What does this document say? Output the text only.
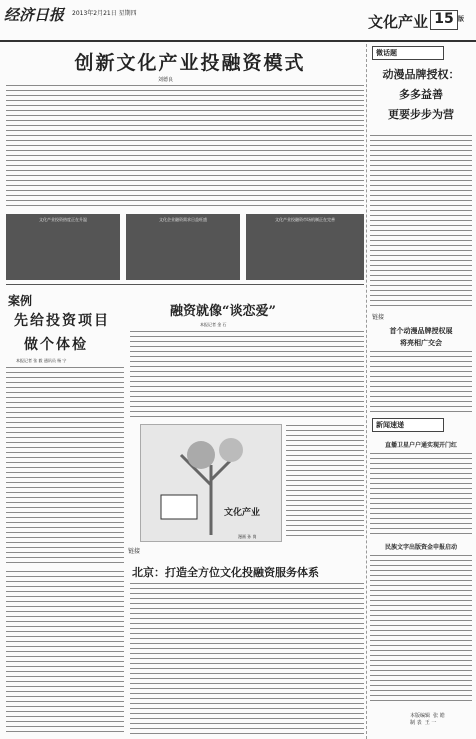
经济日报 2013年2月21日 星期四	文化产业 15 版
创新文化产业投融资模式
刘德良
文化产业投资热度正在升温	文化企业融资需求日益旺盛	文化产业投融资市场机制正在完善
案例
先给投资项目
做个体检
本报记者 张 毅 通讯员 杨 宁
融资就像“谈恋爱”
本报记者 金 石
文化产业
漫画 孙 岗
链接
北京：打造全方位文化投融资服务体系
微话题
动漫品牌授权：
多多益善
更要步步为营
链接
首个动漫品牌授权展
将亮相广交会
新闻速递
直播卫星户户通实现开门红
民族文字出版资金申报启动
本版编辑  张 皓
制 表  王 一
